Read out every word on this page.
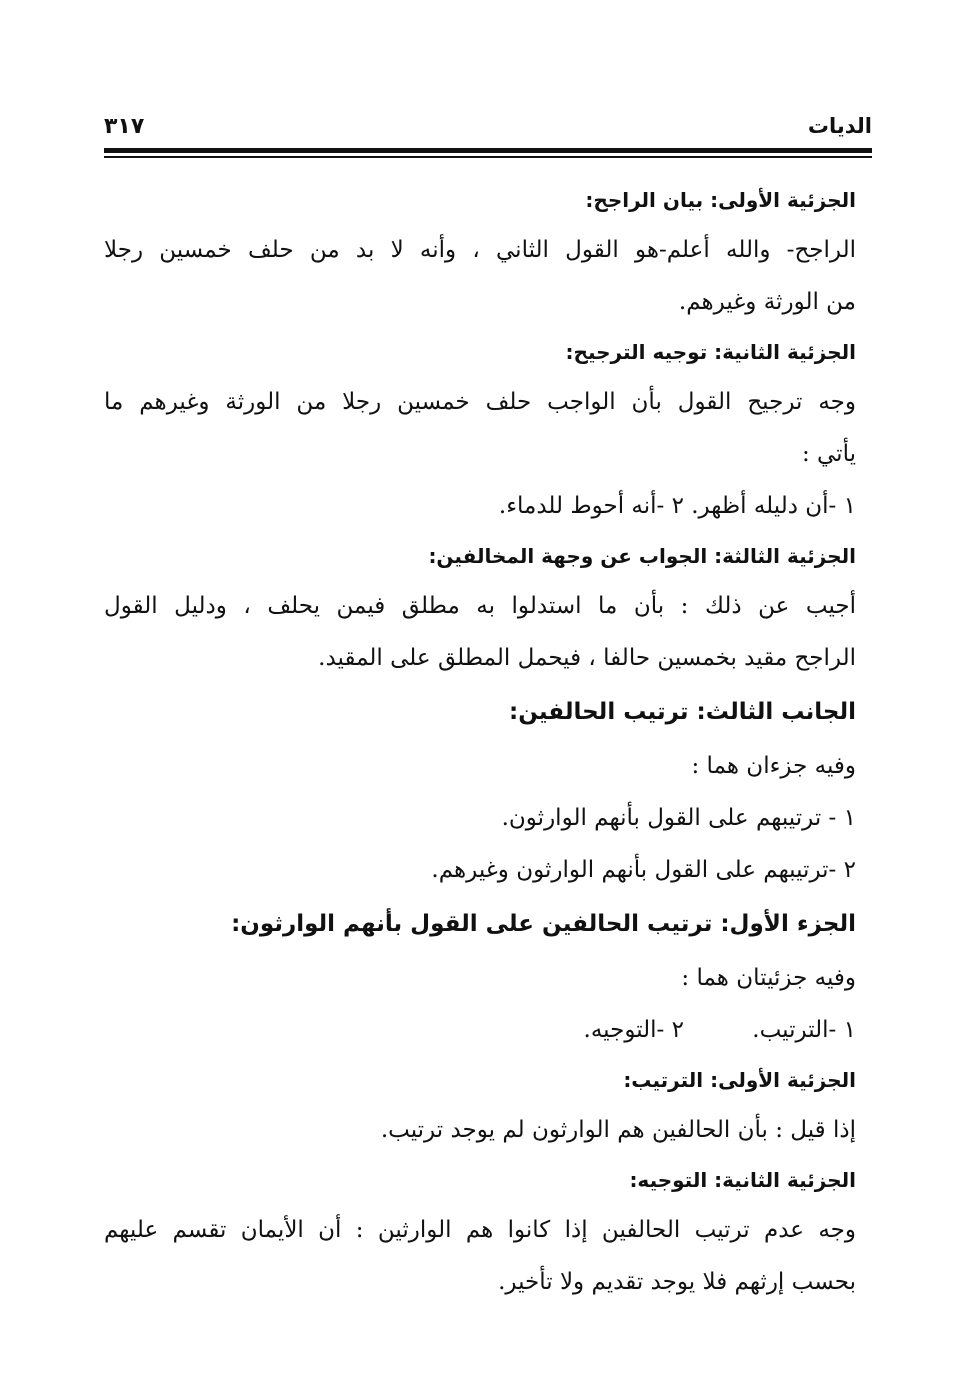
الديات
٣١٧
الجزئية الأولى: بيان الراجح:
الراجح- والله أعلم-هو القول الثاني ، وأنه لا بد من حلف خمسين رجلا
من الورثة وغيرهم.
الجزئية الثانية: توجيه الترجيح:
وجه ترجيح القول بأن الواجب حلف خمسين رجلا من الورثة وغيرهم ما
يأتي :
١ -أن دليله أظهر.
٢ -أنه أحوط للدماء.
الجزئية الثالثة: الجواب عن وجهة المخالفين:
أجيب عن ذلك : بأن ما استدلوا به مطلق فيمن يحلف ، ودليل القول
الراجح مقيد بخمسين حالفا ، فيحمل المطلق على المقيد.
الجانب الثالث: ترتيب الحالفين:
وفيه جزءان هما :
١ - ترتيبهم على القول بأنهم الوارثون.
٢ -ترتيبهم على القول بأنهم الوارثون وغيرهم.
الجزء الأول: ترتيب الحالفين على القول بأنهم الوارثون:
وفيه جزئيتان هما :
١ -الترتيب.
٢ -التوجيه.
الجزئية الأولى: الترتيب:
إذا قيل : بأن الحالفين هم الوارثون لم يوجد ترتيب.
الجزئية الثانية: التوجيه:
وجه عدم ترتيب الحالفين إذا كانوا هم الوارثين : أن الأيمان تقسم عليهم
بحسب إرثهم فلا يوجد تقديم ولا تأخير.
